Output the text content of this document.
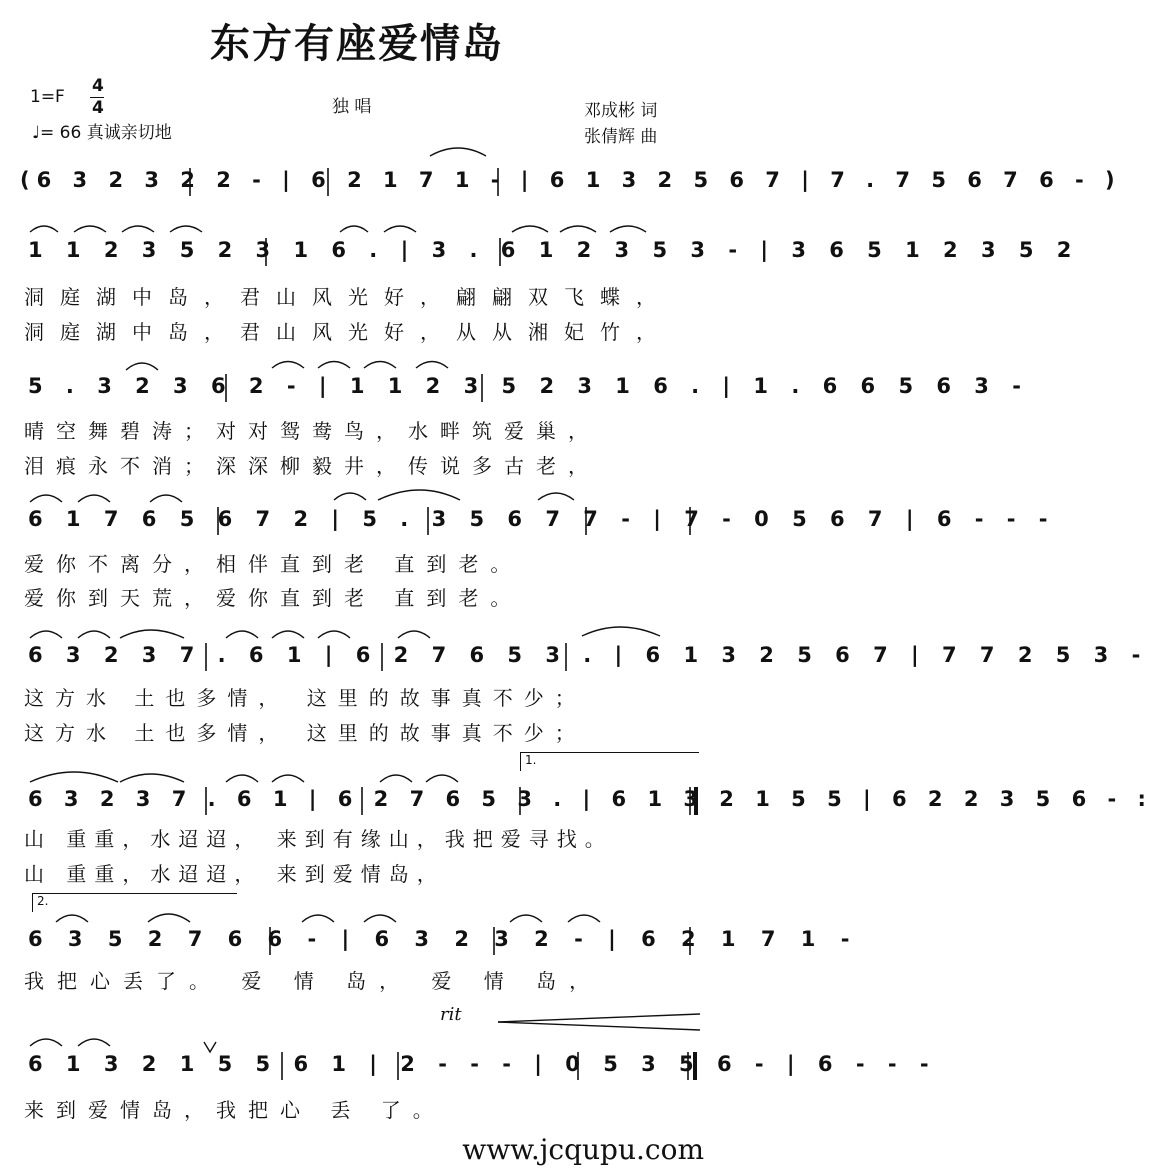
东方有座爱情岛
1=F
4
4
♩= 66 真诚亲切地
独 唱	邓成彬 词
张倩辉 曲
(6 3 2 3 2 2 - | 6 2 1 7 1 - | 6 1 3 2 5 6 7 | 7 . 7 5 6 7 6 - )
1 1 2 3 5 2 3 1 6 . | 3 . 6 1 2 3 5 3 - | 3 6 5 1 2 3 5 2
洞庭湖中岛，君山风光好，翩翩双飞蝶，
洞庭湖中岛，君山风光好，从从湘妃竹，
5 . 3 2 3 6 2 - | 1 1 2 3 5 2 3 1 6 . | 1 . 6 6 5 6 3 -
晴空舞碧涛；对对鸳鸯鸟，水畔筑爱巢，
泪痕永不消；深深柳毅井，传说多古老，
6 1 7 6 5 6 7 2 | 5 . 3 5 6 7 7 - | 7 - 0 5 6 7 | 6 - - -
爱你不离分，相伴直到老 直到老。
爱你到天荒，爱你直到老 直到老。
6 3 2 3 7 . 6 1 | 6 2 7 6 5 3 . | 6 1 3 2 5 6 7 | 7 7 2 5 3 -
这方水 土也多情， 这里的故事真不少；
这方水 土也多情， 这里的故事真不少；
1.
6 3 2 3 7 . 6 1 | 6 2 7 6 5 3 . | 6 1 3 2 1 5 5 | 6 2 2 3 5 6 - :
山 重重，水迢迢， 来到有缘山，我把爱寻找。
山 重重，水迢迢， 来到爱情岛，
2.
6 3 5 2 7 6 6 - | 6 3 2 3 2 - | 6 2 1 7 1 -
我把心丢了。 爱 情 岛， 爱 情 岛，
rit
6 1 3 2 1 5 5 6 1 | 2 - - - | 0 5 3 5 6 - | 6 - - -
来到爱情岛，我把心 丢 了。
www.jcqupu.com
